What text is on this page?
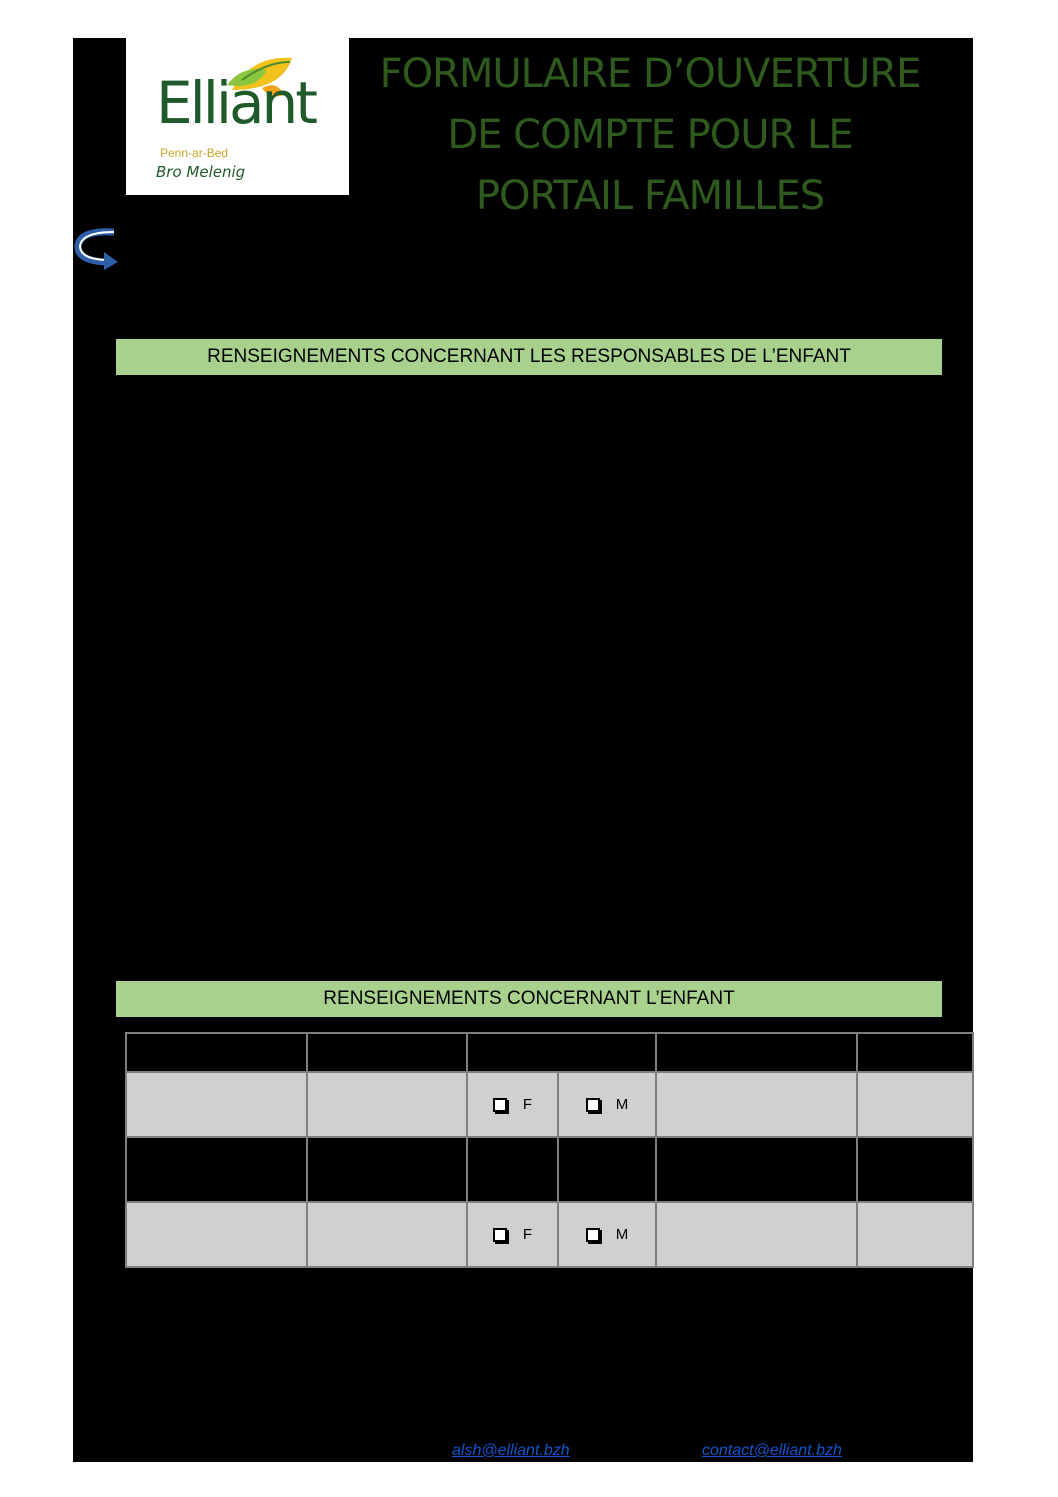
Elliant
Penn-ar-Bed
Bro Melenig
FORMULAIRE D’OUVERTURE
DE COMPTE POUR LE
PORTAIL FAMILLES
RENSEIGNEMENTS CONCERNANT LES RESPONSABLES DE L’ENFANT
RENSEIGNEMENTS CONCERNANT L’ENFANT

		F	M		

		F	M		

alsh@elliant.bzh	contact@elliant.bzh
